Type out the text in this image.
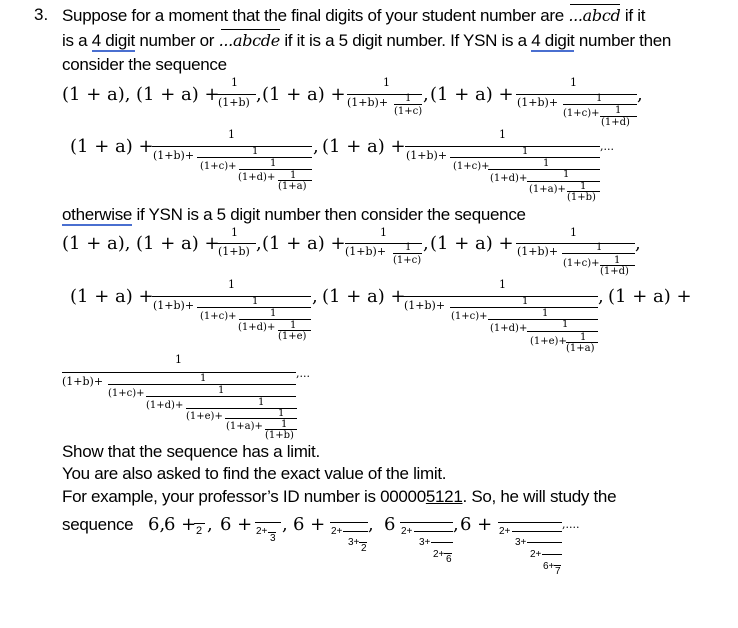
3. Suppose for a moment that the final digits of your student number are ...abcd if it
is a 4 digit number or ...abcde if it is a 5 digit number. If YSN is a 4 digit number then
consider the sequence
(1 + a), (1 + a) +
1
(1+b) , (1 + a) +
1
(1+b)+ 1
(1+c)
, (1 + a) +
1
(1+b)+	1
(1+c)+ 1
(1+d)
,
(1 + a) +
1
(1+b)+	1
(1+c)+	1
(1+d)+ 1
(1+a)
, (1 + a) +
1
(1+b)+	1
(1+c)+	1
(1+d)+	1
(1+a)+ 1
(1+b)
,...
otherwise if YSN is a 5 digit number then consider the sequence
(1 + a), (1 + a) +
1
(1+b) , (1 + a) +
1
(1+b)+ 1
(1+c)
, (1 + a) +
1
(1+b)+	1
(1+c)+ 1
(1+d)
,
(1 + a) +
1
(1+b)+	1
(1+c)+	1
(1+d)+ 1
(1+e)
, (1 + a) +
1
(1+b)+	1
(1+c)+	1
(1+d)+	1
(1+e)+ 1
(1+a)
, (1 + a) +
1
(1+b)+	1
(1+c)+	1
(1+d)+	1
(1+e)+	1
(1+a)+ 1
(1+b)
,...
Show that the sequence has a limit.
You are also asked to find the exact value of the limit.
For example, your professor’s ID number is 000005121. So, he will study the
sequence 6,
6 + 2 , 6 + 2+
3
, 6 + 2+
3+
2
, 6 2+
3+
2+ 6
, 6 + 2+
3+
2+
6+ 7
,....
